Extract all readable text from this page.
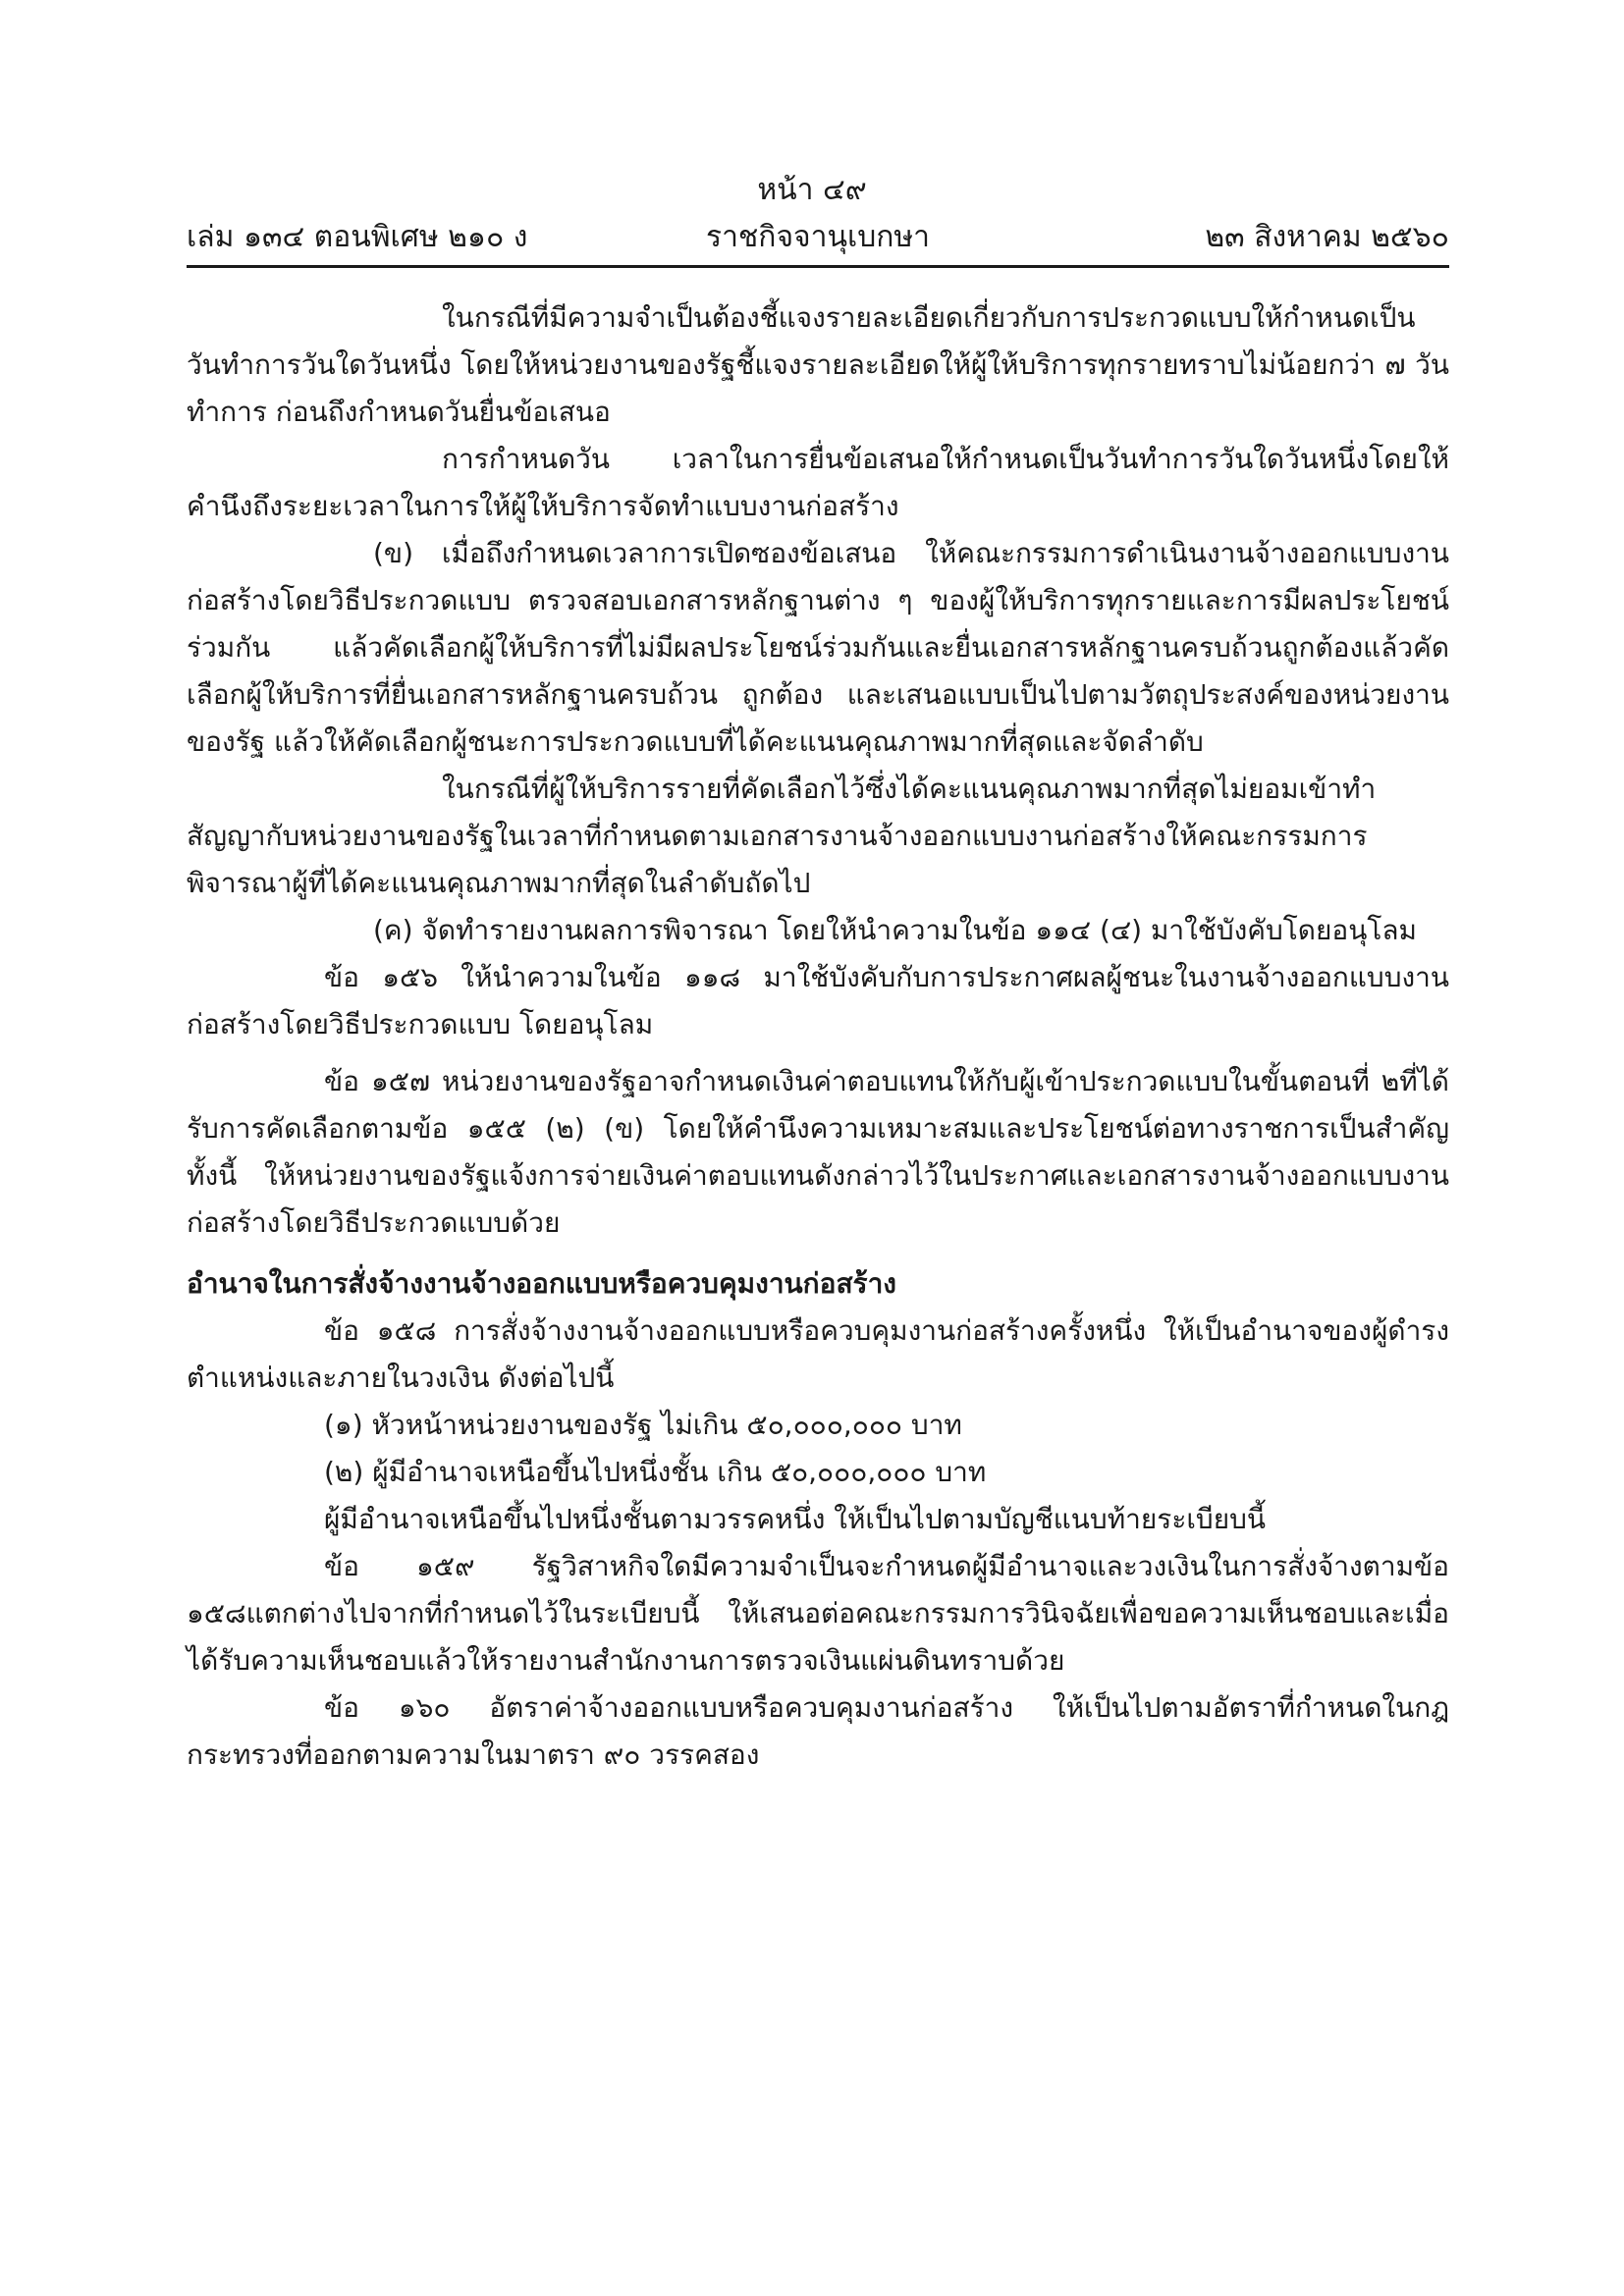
หน้า ๔๙
เล่ม ๑๓๔ ตอนพิเศษ ๒๑๐ ง	ราชกิจจานุเบกษา	๒๓ สิงหาคม ๒๕๖๐

ในกรณีที่มีความจำเป็นต้องชี้แจงรายละเอียดเกี่ยวกับการประกวดแบบให้กำหนดเป็นวันทำการวันใดวันหนึ่ง โดยให้หน่วยงานของรัฐชี้แจงรายละเอียดให้ผู้ให้บริการทุกรายทราบไม่น้อยกว่า ๗ วันทำการ ก่อนถึงกำหนดวันยื่นข้อเสนอ

การกำหนดวัน เวลาในการยื่นข้อเสนอให้กำหนดเป็นวันทำการวันใดวันหนึ่งโดยให้คำนึงถึงระยะเวลาในการให้ผู้ให้บริการจัดทำแบบงานก่อสร้าง

(ข) เมื่อถึงกำหนดเวลาการเปิดซองข้อเสนอ ให้คณะกรรมการดำเนินงานจ้างออกแบบงานก่อสร้างโดยวิธีประกวดแบบ ตรวจสอบเอกสารหลักฐานต่าง ๆ ของผู้ให้บริการทุกรายและการมีผลประโยชน์ร่วมกัน แล้วคัดเลือกผู้ให้บริการที่ไม่มีผลประโยชน์ร่วมกันและยื่นเอกสารหลักฐานครบถ้วนถูกต้องแล้วคัดเลือกผู้ให้บริการที่ยื่นเอกสารหลักฐานครบถ้วน ถูกต้อง และเสนอแบบเป็นไปตามวัตถุประสงค์ของหน่วยงานของรัฐ แล้วให้คัดเลือกผู้ชนะการประกวดแบบที่ได้คะแนนคุณภาพมากที่สุดและจัดลำดับ

ในกรณีที่ผู้ให้บริการรายที่คัดเลือกไว้ซึ่งได้คะแนนคุณภาพมากที่สุดไม่ยอมเข้าทำสัญญากับหน่วยงานของรัฐในเวลาที่กำหนดตามเอกสารงานจ้างออกแบบงานก่อสร้างให้คณะกรรมการพิจารณาผู้ที่ได้คะแนนคุณภาพมากที่สุดในลำดับถัดไป

(ค) จัดทำรายงานผลการพิจารณา โดยให้นำความในข้อ ๑๑๔ (๔) มาใช้บังคับโดยอนุโลม

ข้อ ๑๕๖ ให้นำความในข้อ ๑๑๘ มาใช้บังคับกับการประกาศผลผู้ชนะในงานจ้างออกแบบงานก่อสร้างโดยวิธีประกวดแบบ โดยอนุโลม

ข้อ ๑๕๗ หน่วยงานของรัฐอาจกำหนดเงินค่าตอบแทนให้กับผู้เข้าประกวดแบบในขั้นตอนที่ ๒ที่ได้รับการคัดเลือกตามข้อ ๑๕๕ (๒) (ข) โดยให้คำนึงความเหมาะสมและประโยชน์ต่อทางราชการเป็นสำคัญ ทั้งนี้ ให้หน่วยงานของรัฐแจ้งการจ่ายเงินค่าตอบแทนดังกล่าวไว้ในประกาศและเอกสารงานจ้างออกแบบงานก่อสร้างโดยวิธีประกวดแบบด้วย

อำนาจในการสั่งจ้างงานจ้างออกแบบหรือควบคุมงานก่อสร้าง

ข้อ ๑๕๘ การสั่งจ้างงานจ้างออกแบบหรือควบคุมงานก่อสร้างครั้งหนึ่ง ให้เป็นอำนาจของผู้ดำรงตำแหน่งและภายในวงเงิน ดังต่อไปนี้

(๑) หัวหน้าหน่วยงานของรัฐ ไม่เกิน ๕๐,๐๐๐,๐๐๐ บาท

(๒) ผู้มีอำนาจเหนือขึ้นไปหนึ่งชั้น เกิน ๕๐,๐๐๐,๐๐๐ บาท

ผู้มีอำนาจเหนือขึ้นไปหนึ่งชั้นตามวรรคหนึ่ง ให้เป็นไปตามบัญชีแนบท้ายระเบียบนี้

ข้อ ๑๕๙ รัฐวิสาหกิจใดมีความจำเป็นจะกำหนดผู้มีอำนาจและวงเงินในการสั่งจ้างตามข้อ ๑๕๘แตกต่างไปจากที่กำหนดไว้ในระเบียบนี้ ให้เสนอต่อคณะกรรมการวินิจฉัยเพื่อขอความเห็นชอบและเมื่อได้รับความเห็นชอบแล้วให้รายงานสำนักงานการตรวจเงินแผ่นดินทราบด้วย

ข้อ ๑๖๐ อัตราค่าจ้างออกแบบหรือควบคุมงานก่อสร้าง ให้เป็นไปตามอัตราที่กำหนดในกฎกระทรวงที่ออกตามความในมาตรา ๙๐ วรรคสอง
